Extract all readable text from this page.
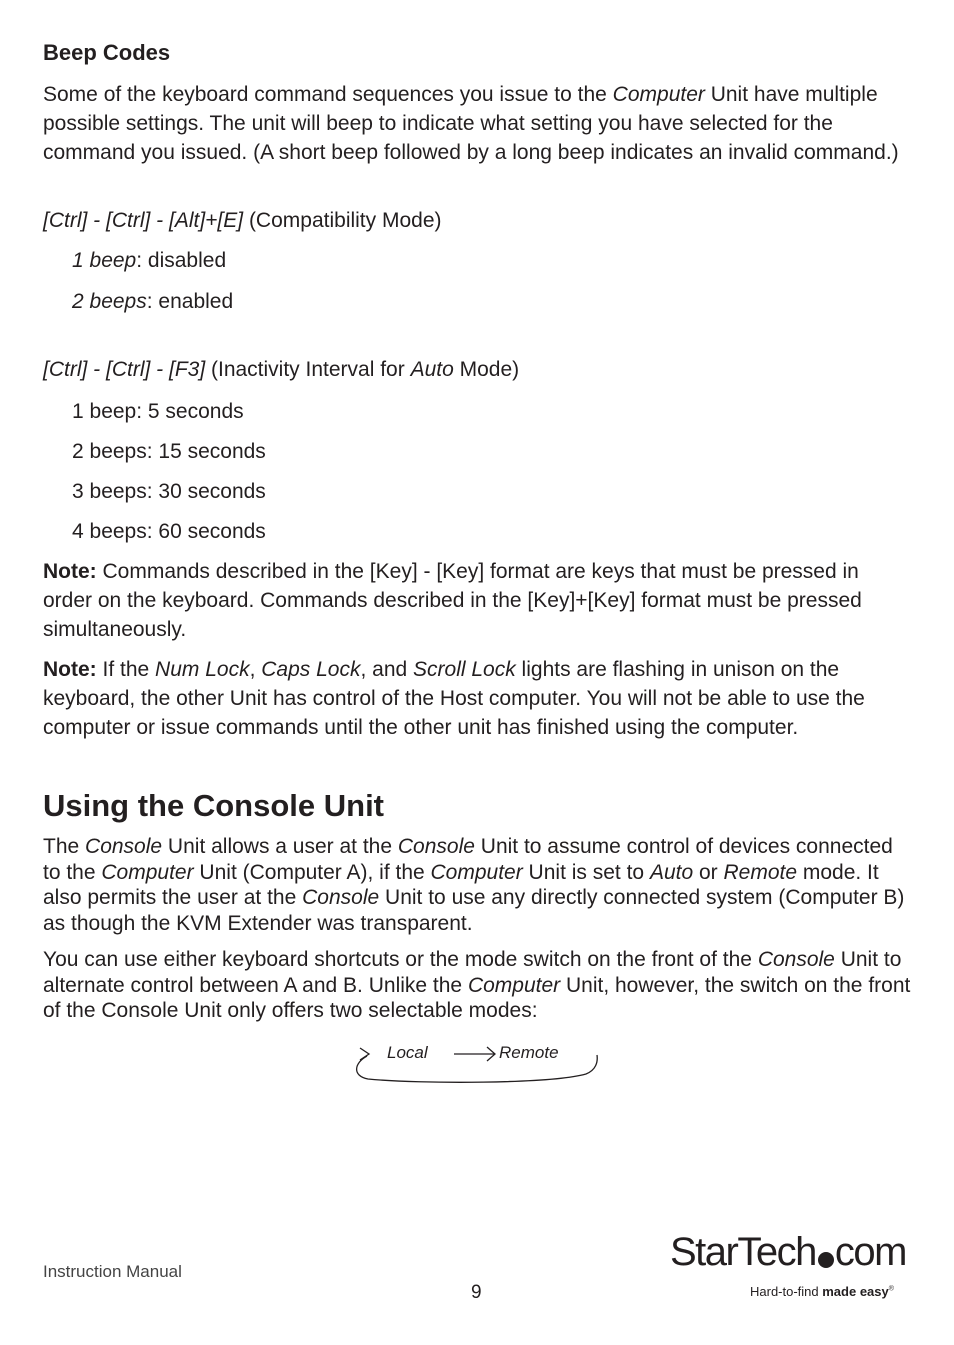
Beep Codes
Some of the keyboard command sequences you issue to the Computer Unit have multiple possible settings. The unit will beep to indicate what setting you have selected for the command you issued. (A short beep followed by a long beep indicates an invalid command.)
[Ctrl] - [Ctrl] - [Alt]+[E] (Compatibility Mode)
1 beep: disabled
2 beeps: enabled
[Ctrl] - [Ctrl] - [F3] (Inactivity Interval for Auto Mode)
1 beep: 5 seconds
2 beeps: 15 seconds
3 beeps: 30 seconds
4 beeps: 60 seconds
Note: Commands described in the [Key] - [Key] format are keys that must be pressed in order on the keyboard. Commands described in the [Key]+[Key] format must be pressed simultaneously.
Note: If the Num Lock, Caps Lock, and Scroll Lock lights are flashing in unison on the keyboard, the other Unit has control of the Host computer. You will not be able to use the computer or issue commands until the other unit has finished using the computer.
Using the Console Unit
The Console Unit allows a user at the Console Unit to assume control of devices connected to the Computer Unit (Computer A), if the Computer Unit is set to Auto or Remote mode. It also permits the user at the Console Unit to use any directly connected system (Computer B) as though the KVM Extender was transparent.
You can use either keyboard shortcuts or the mode switch on the front of the Console Unit to alternate control between A and B. Unlike the Computer Unit, however, the switch on the front of the Console Unit only offers two selectable modes:
Local	Remote
Instruction Manual
9
StarTech com
Hard-to-find made easy®
